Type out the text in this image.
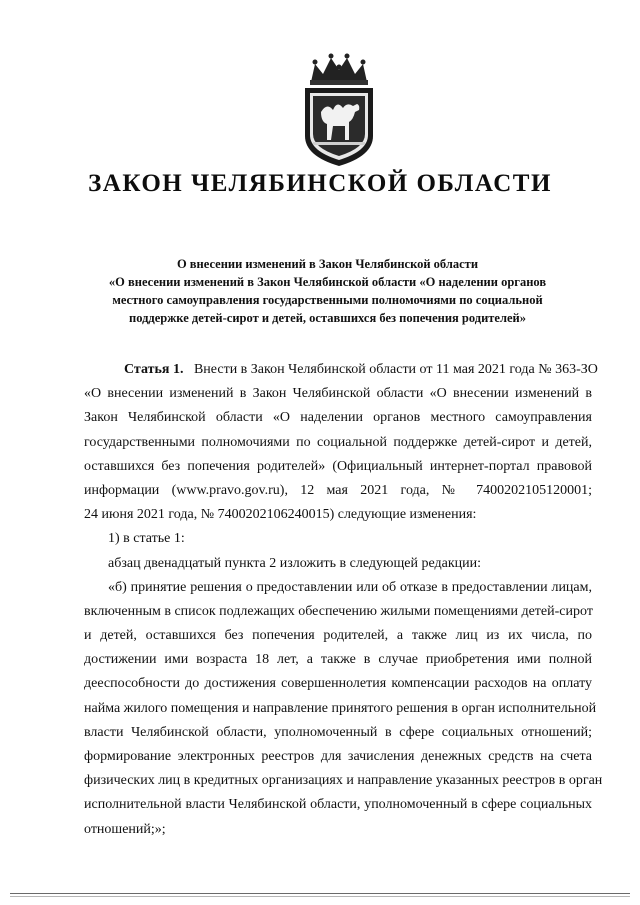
ЗАКОН ЧЕЛЯБИНСКОЙ ОБЛАСТИ
О внесении изменений в Закон Челябинской области
«О внесении изменений в Закон Челябинской области «О наделении органов
местного самоуправления государственными полномочиями по социальной
поддержке детей-сирот и детей, оставшихся без попечения родителей»
Статья 1. Внести в Закон Челябинской области от 11 мая 2021 года № 363-ЗО
«О внесении изменений в Закон Челябинской области «О внесении изменений в
Закон Челябинской области «О наделении органов местного самоуправления
государственными полномочиями по социальной поддержке детей-сирот и детей,
оставшихся без попечения родителей» (Официальный интернет-портал правовой
информации (www.pravo.gov.ru), 12 мая 2021 года, № 7400202105120001;
24 июня 2021 года, № 7400202106240015) следующие изменения:
1) в статье 1:
абзац двенадцатый пункта 2 изложить в следующей редакции:
«б) принятие решения о предоставлении или об отказе в предоставлении лицам,
включенным в список подлежащих обеспечению жилыми помещениями детей-сирот
и детей, оставшихся без попечения родителей, а также лиц из их числа, по
достижении ими возраста 18 лет, а также в случае приобретения ими полной
дееспособности до достижения совершеннолетия компенсации расходов на оплату
найма жилого помещения и направление принятого решения в орган исполнительной
власти Челябинской области, уполномоченный в сфере социальных отношений;
формирование электронных реестров для зачисления денежных средств на счета
физических лиц в кредитных организациях и направление указанных реестров в орган
исполнительной власти Челябинской области, уполномоченный в сфере социальных
отношений;»;
